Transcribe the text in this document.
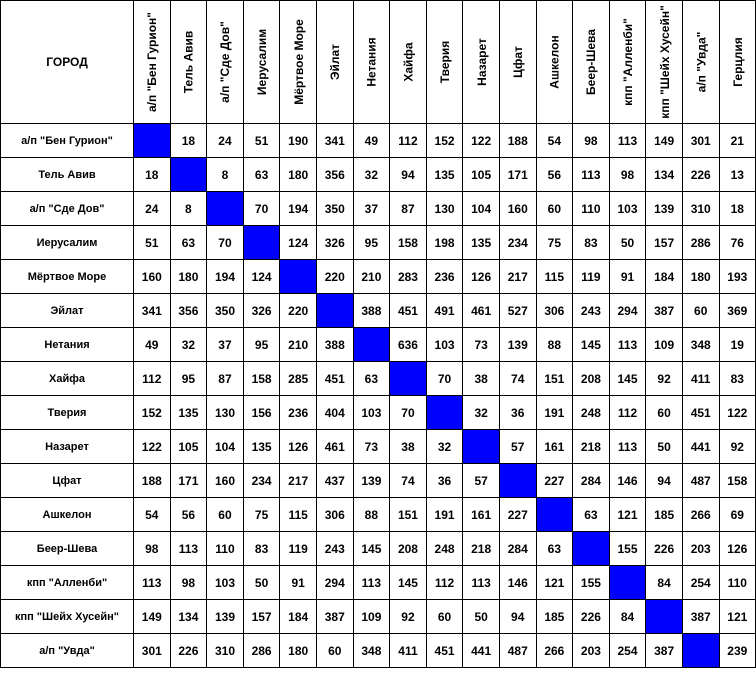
ГОРОД	а/п "Бен Гурион"	Тель Авив	а/п "Сде Дов"	Иерусалим	Мёртвое Море	Эйлат	Нетания	Хайфа	Тверия	Назарет	Цфат	Ашкелон	Беер-Шева	кпп "Алленби"	кпп "Шейх Хусейн"	а/п "Увда"	Герцлия

а/п "Бен Гурион"		18	24	51	190	341	49	112	152	122	188	54	98	113	149	301	21
Тель Авив	18		8	63	180	356	32	94	135	105	171	56	113	98	134	226	13
а/п "Сде Дов"	24	8		70	194	350	37	87	130	104	160	60	110	103	139	310	18
Иерусалим	51	63	70		124	326	95	158	198	135	234	75	83	50	157	286	76
Мёртвое Море	160	180	194	124		220	210	283	236	126	217	115	119	91	184	180	193
Эйлат	341	356	350	326	220		388	451	491	461	527	306	243	294	387	60	369
Нетания	49	32	37	95	210	388		636	103	73	139	88	145	113	109	348	19
Хайфа	112	95	87	158	285	451	63		70	38	74	151	208	145	92	411	83
Тверия	152	135	130	156	236	404	103	70		32	36	191	248	112	60	451	122
Назарет	122	105	104	135	126	461	73	38	32		57	161	218	113	50	441	92
Цфат	188	171	160	234	217	437	139	74	36	57		227	284	146	94	487	158
Ашкелон	54	56	60	75	115	306	88	151	191	161	227		63	121	185	266	69
Беер-Шева	98	113	110	83	119	243	145	208	248	218	284	63		155	226	203	126
кпп "Алленби"	113	98	103	50	91	294	113	145	112	113	146	121	155		84	254	110
кпп "Шейх Хусейн"	149	134	139	157	184	387	109	92	60	50	94	185	226	84		387	121
а/п "Увда"	301	226	310	286	180	60	348	411	451	441	487	266	203	254	387		239
